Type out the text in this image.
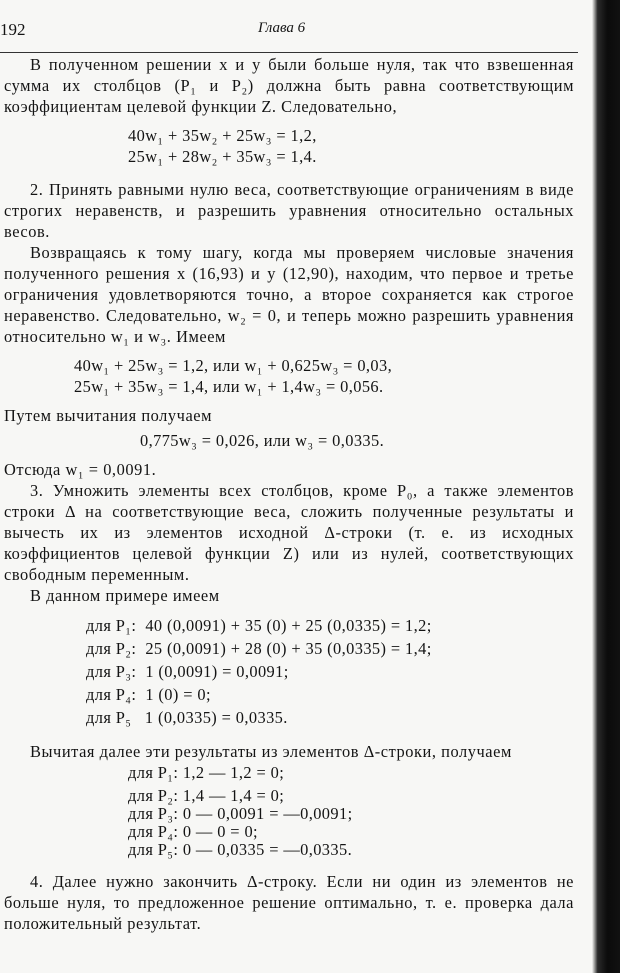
192	Глава 6

В полученном решении x и y были больше нуля, так что взвешенная сумма их столбцов (P₁ и P₂) должна быть равна соответствующим коэффициентам целевой функции Z. Следовательно,

40w₁ + 35w₂ + 25w₃ = 1,2,
25w₁ + 28w₂ + 35w₃ = 1,4.

2. Принять равными нулю веса, соответствующие ограничениям в виде строгих неравенств, и разрешить уравнения относительно остальных весов.

Возвращаясь к тому шагу, когда мы проверяем числовые значения полученного решения x (16,93) и y (12,90), находим, что первое и третье ограничения удовлетворяются точно, а второе сохраняется как строгое неравенство. Следовательно, w₂ = 0, и теперь можно разрешить уравнения относительно w₁ и w₃. Имеем

40w₁ + 25w₃ = 1,2, или w₁ + 0,625w₃ = 0,03,
25w₁ + 35w₃ = 1,4, или w₁ + 1,4w₃ = 0,056.

Путем вычитания получаем

0,775w₃ = 0,026, или w₃ = 0,0335.

Отсюда w₁ = 0,0091.

3. Умножить элементы всех столбцов, кроме P₀, а также элементов строки Δ на соответствующие веса, сложить полученные результаты и вычесть их из элементов исходной Δ-строки (т. е. из исходных коэффициентов целевой функции Z) или из нулей, соответствующих свободным переменным.

В данном примере имеем

для P₁:  40 (0,0091) + 35 (0) + 25 (0,0335) = 1,2;
для P₂:  25 (0,0091) + 28 (0) + 35 (0,0335) = 1,4;
для P₃:  1 (0,0091) = 0,0091;
для P₄:  1 (0) = 0;
для P₅   1 (0,0335) = 0,0335.

Вычитая далее эти результаты из элементов Δ-строки, получаем

для P₁: 1,2 — 1,2 = 0;
для P₂: 1,4 — 1,4 = 0;
для P₃: 0 — 0,0091 = —0,0091;
для P₄: 0 — 0 = 0;
для P₅: 0 — 0,0335 = —0,0335.

4. Далее нужно закончить Δ-строку. Если ни один из элементов не больше нуля, то предложенное решение оптимально, т. е. проверка дала положительный результат.
